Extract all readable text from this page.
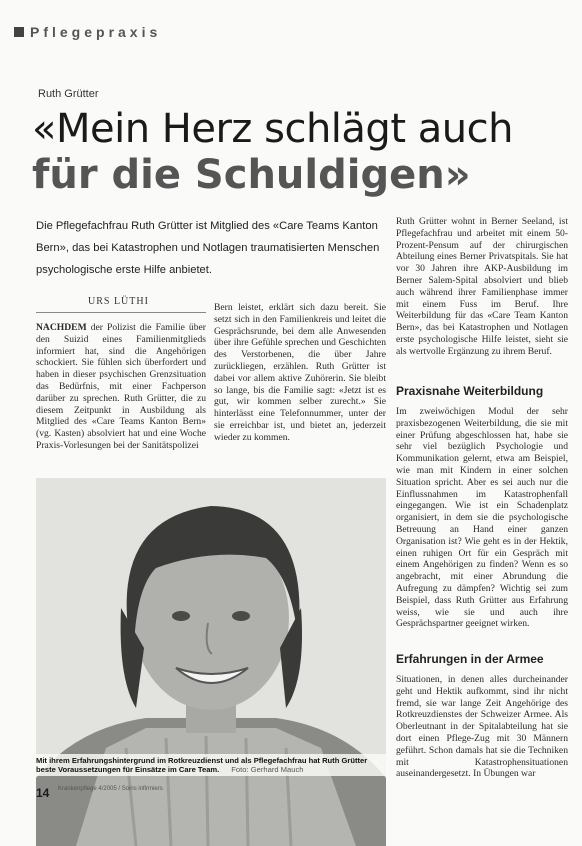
Pflegepraxis
Ruth Grütter
«Mein Herz schlägt auch
für die Schuldigen»
Die Pflegefachfrau Ruth Grütter ist Mitglied des «Care Teams Kanton Bern», das bei Katastrophen und Notlagen traumatisierten Menschen psychologische erste Hilfe anbietet.
URS LÜTHI
NACHDEM der Polizist die Familie über den Suizid eines Familienmitglieds informiert hat, sind die Angehörigen schockiert. Sie fühlen sich überfordert und haben in dieser psychischen Grenzsituation das Bedürfnis, mit einer Fachperson darüber zu sprechen. Ruth Grütter, die zu diesem Zeitpunkt in Ausbildung als Mitglied des «Care Teams Kanton Bern» (vg. Kasten) absolviert hat und eine Woche Praxis-Vorlesungen bei der Sanitätspolizei
Bern leistet, erklärt sich dazu bereit. Sie setzt sich in den Familienkreis und leitet die Gesprächsrunde, bei dem alle Anwesenden über ihre Gefühle sprechen und Geschichten des Verstorbenen, die über Jahre zurückliegen, erzählen. Ruth Grütter ist dabei vor allem aktive Zuhörerin. Sie bleibt so lange, bis die Familie sagt: «Jetzt ist es gut, wir kommen selber zurecht.» Sie hinterlässt eine Telefonnummer, unter der sie erreichbar ist, und bietet an, jederzeit wieder zu kommen.
Ruth Grütter wohnt in Berner Seeland, ist Pflegefachfrau und arbeitet mit einem 50-Prozent-Pensum auf der chirurgischen Abteilung eines Berner Privatspitals. Sie hat vor 30 Jahren ihre AKP-Ausbildung im Berner Salem-Spital absolviert und blieb auch während ihrer Familienphase immer mit einem Fuss im Beruf. Ihre Weiterbildung für das «Care Team Kanton Bern», das bei Katastrophen und Notlagen erste psychologische Hilfe leistet, sieht sie als wertvolle Ergänzung zu ihrem Beruf.
Praxisnahe Weiterbildung
Im zweiwöchigen Modul der sehr praxisbezogenen Weiterbildung, die sie mit einer Prüfung abgeschlossen hat, habe sie sehr viel bezüglich Psychologie und Kommunikation gelernt, etwa am Beispiel, wie man mit Kindern in einer solchen Situation spricht. Aber es sei auch nur die Einflussnahmen im Katastrophenfall eingegangen. Wie ist ein Schadenplatz organisiert, in dem sie die psychologische Betreuung an Hand einer ganzen Organisation ist? Wie geht es in der Hektik, einen ruhigen Ort für ein Gespräch mit einem Angehörigen zu finden? Wenn es so angebracht, mit einer Abrundung die Aufregung zu dämpfen? Wichtig sei zum Beispiel, dass Ruth Grütter aus Erfahrung weiss, wie sie und auch ihre Gesprächspartner geeignet wirken.
Erfahrungen in der Armee
Situationen, in denen alles durcheinander geht und Hektik aufkommt, sind ihr nicht fremd, sie war lange Zeit Angehörige des Rotkreuzdienstes der Schweizer Armee. Als Oberleutnant in der Spitalabteilung hat sie dort einen Pflege-Zug mit 30 Männern geführt. Schon damals hat sie die Techniken mit Katastrophensituationen auseinandergesetzt. In Übungen war
Mit ihrem Erfahrungshintergrund im Rotkreuzdienst und als Pflegefachfrau hat Ruth Grütter beste Voraussetzungen für Einsätze im Care Team. Foto: Gerhard Mauch
14 Krankenpflege 4/2005 / Soins infirmiers
